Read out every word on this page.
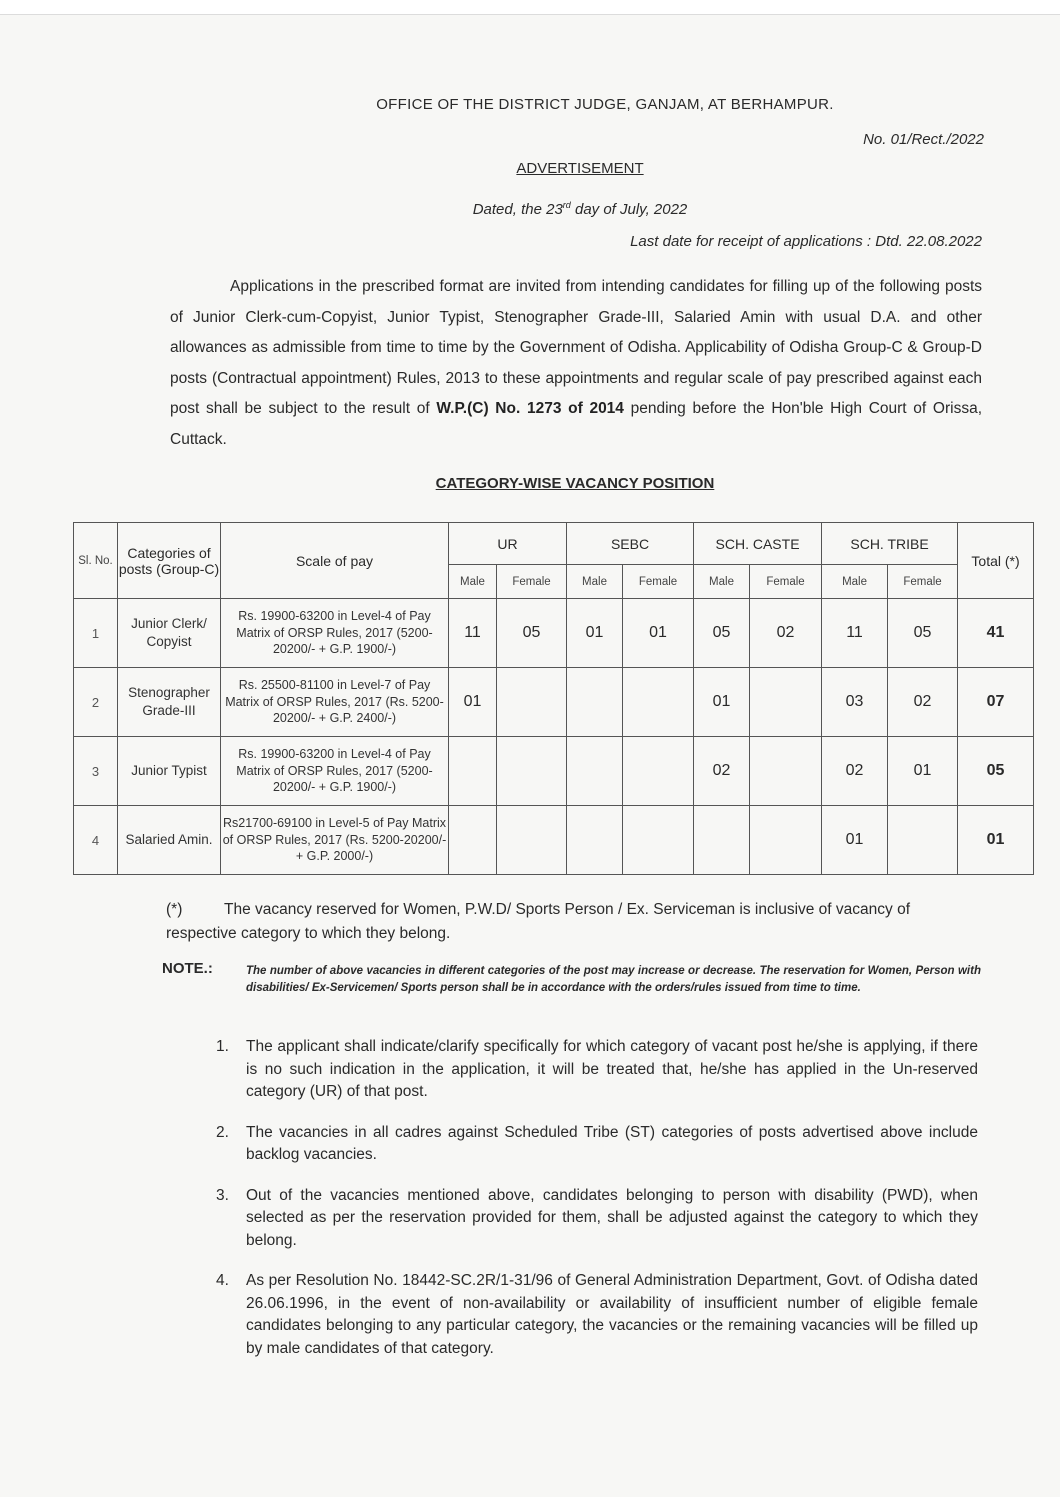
OFFICE OF THE DISTRICT JUDGE, GANJAM, AT BERHAMPUR.
No. 01/Rect./2022
ADVERTISEMENT
Dated, the 23rd day of July, 2022
Last date for receipt of applications : Dtd. 22.08.2022
Applications in the prescribed format are invited from intending candidates for filling up of the following posts of Junior Clerk-cum-Copyist, Junior Typist, Stenographer Grade-III, Salaried Amin with usual D.A. and other allowances as admissible from time to time by the Government of Odisha. Applicability of Odisha Group-C & Group-D posts (Contractual appointment) Rules, 2013 to these appointments and regular scale of pay prescribed against each post shall be subject to the result of W.P.(C) No. 1273 of 2014 pending before the Hon'ble High Court of Orissa, Cuttack.
CATEGORY-WISE VACANCY POSITION
Sl. No.	Categories of posts (Group-C)	Scale of pay	UR		SEBC		SCH. CASTE		SCH. TRIBE		Total (*)
			Male	Female	Male	Female	Male	Female	Male	Female	
1	Junior Clerk/ Copyist	Rs. 19900-63200 in Level-4 of Pay Matrix of ORSP Rules, 2017 (5200-20200/- + G.P. 1900/-)	11	05	01	01	05	02	11	05	41
2	Stenographer Grade-III	Rs. 25500-81100 in Level-7 of Pay Matrix of ORSP Rules, 2017 (Rs. 5200-20200/- + G.P. 2400/-)	01				01		03	02	07
3	Junior Typist	Rs. 19900-63200 in Level-4 of Pay Matrix of ORSP Rules, 2017 (5200-20200/- + G.P. 1900/-)					02		02	01	05
4	Salaried Amin.	Rs21700-69100 in Level-5 of Pay Matrix of ORSP Rules, 2017 (Rs. 5200-20200/- + G.P. 2000/-)							01		01
(*)	The vacancy reserved for Women, P.W.D/ Sports Person / Ex. Serviceman is inclusive of vacancy of respective category to which they belong.
NOTE.:	The number of above vacancies in different categories of the post may increase or decrease. The reservation for Women, Person with disabilities/ Ex-Servicemen/ Sports person shall be in accordance with the orders/rules issued from time to time.
1. The applicant shall indicate/clarify specifically for which category of vacant post he/she is applying, if there is no such indication in the application, it will be treated that, he/she has applied in the Un-reserved category (UR) of that post.
2. The vacancies in all cadres against Scheduled Tribe (ST) categories of posts advertised above include backlog vacancies.
3. Out of the vacancies mentioned above, candidates belonging to person with disability (PWD), when selected as per the reservation provided for them, shall be adjusted against the category to which they belong.
4. As per Resolution No. 18442-SC.2R/1-31/96 of General Administration Department, Govt. of Odisha dated 26.06.1996, in the event of non-availability or availability of insufficient number of eligible female candidates belonging to any particular category, the vacancies or the remaining vacancies will be filled up by male candidates of that category.
